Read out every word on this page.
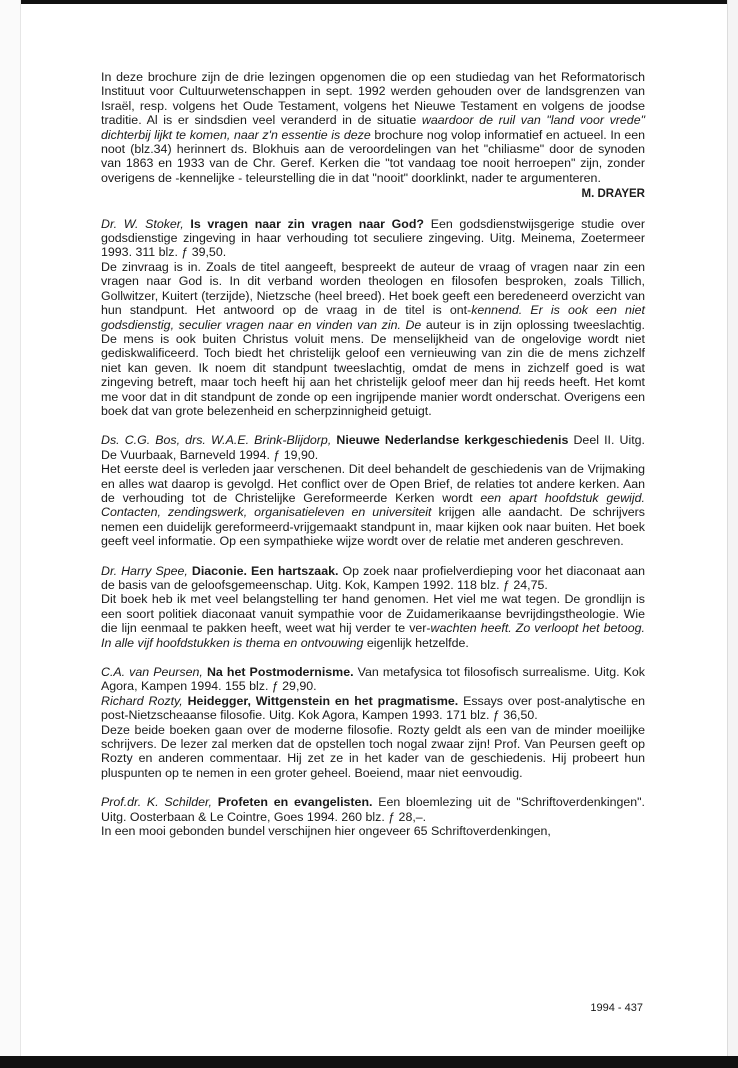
In deze brochure zijn de drie lezingen opgenomen die op een studiedag van het Reformatorisch Instituut voor Cultuurwetenschappen in sept. 1992 werden gehouden over de landsgrenzen van Israël, resp. volgens het Oude Testament, volgens het Nieuwe Testament en volgens de joodse traditie. Al is er sindsdien veel veranderd in de situatie waardoor de ruil van "land voor vrede" dichterbij lijkt te komen, naar z'n essentie is deze brochure nog volop informatief en actueel. In een noot (blz.34) herinnert ds. Blokhuis aan de veroordelingen van het "chiliasme" door de synoden van 1863 en 1933 van de Chr. Geref. Kerken die "tot vandaag toe nooit herroepen" zijn, zonder overigens de -kennelijke - teleurstelling die in dat "nooit" doorklinkt, nader te argumenteren.

M. DRAYER

Dr. W. Stoker, Is vragen naar zin vragen naar God? Een godsdienstwijsgerige studie over godsdienstige zingeving in haar verhouding tot seculiere zingeving. Uitg. Meinema, Zoetermeer 1993. 311 blz. ƒ 39,50.

De zinvraag is in. Zoals de titel aangeeft, bespreekt de auteur de vraag of vragen naar zin een vragen naar God is. In dit verband worden theologen en filosofen besproken, zoals Tillich, Gollwitzer, Kuitert (terzijde), Nietzsche (heel breed). Het boek geeft een beredeneerd overzicht van hun standpunt. Het antwoord op de vraag in de titel is ont-kennend. Er is ook een niet godsdienstig, seculier vragen naar en vinden van zin. De auteur is in zijn oplossing tweeslachtig. De mens is ook buiten Christus voluit mens. De menselijkheid van de ongelovige wordt niet gediskwalificeerd. Toch biedt het christelijk geloof een vernieuwing van zin die de mens zichzelf niet kan geven. Ik noem dit standpunt tweeslachtig, omdat de mens in zichzelf goed is wat zingeving betreft, maar toch heeft hij aan het christelijk geloof meer dan hij reeds heeft. Het komt me voor dat in dit standpunt de zonde op een ingrijpende manier wordt onderschat. Overigens een boek dat van grote belezenheid en scherpzinnigheid getuigt.

Ds. C.G. Bos, drs. W.A.E. Brink-Blijdorp, Nieuwe Nederlandse kerkgeschiedenis Deel II. Uitg. De Vuurbaak, Barneveld 1994. ƒ 19,90.

Het eerste deel is verleden jaar verschenen. Dit deel behandelt de geschiedenis van de Vrijmaking en alles wat daarop is gevolgd. Het conflict over de Open Brief, de relaties tot andere kerken. Aan de verhouding tot de Christelijke Gereformeerde Kerken wordt een apart hoofdstuk gewijd. Contacten, zendingswerk, organisatieleven en universiteit krijgen alle aandacht. De schrijvers nemen een duidelijk gereformeerd-vrijgemaakt standpunt in, maar kijken ook naar buiten. Het boek geeft veel informatie. Op een sympathieke wijze wordt over de relatie met anderen geschreven.

Dr. Harry Spee, Diaconie. Een hartszaak. Op zoek naar profielverdieping voor het diaconaat aan de basis van de geloofsgemeenschap. Uitg. Kok, Kampen 1992. 118 blz. ƒ 24,75.

Dit boek heb ik met veel belangstelling ter hand genomen. Het viel me wat tegen. De grondlijn is een soort politiek diaconaat vanuit sympathie voor de Zuidamerikaanse bevrijdingstheologie. Wie die lijn eenmaal te pakken heeft, weet wat hij verder te ver-wachten heeft. Zo verloopt het betoog. In alle vijf hoofdstukken is thema en ontvouwing eigenlijk hetzelfde.

C.A. van Peursen, Na het Postmodernisme. Van metafysica tot filosofisch surrealisme. Uitg. Kok Agora, Kampen 1994. 155 blz. ƒ 29,90.

Richard Rozty, Heidegger, Wittgenstein en het pragmatisme. Essays over post-analytische en post-Nietzscheaanse filosofie. Uitg. Kok Agora, Kampen 1993. 171 blz. ƒ 36,50.

Deze beide boeken gaan over de moderne filosofie. Rozty geldt als een van de minder moeilijke schrijvers. De lezer zal merken dat de opstellen toch nogal zwaar zijn! Prof. Van Peursen geeft op Rozty en anderen commentaar. Hij zet ze in het kader van de geschiedenis. Hij probeert hun pluspunten op te nemen in een groter geheel. Boeiend, maar niet eenvoudig.

Prof.dr. K. Schilder, Profeten en evangelisten. Een bloemlezing uit de "Schriftoverdenkingen". Uitg. Oosterbaan & Le Cointre, Goes 1994. 260 blz. ƒ 28,–.

In een mooi gebonden bundel verschijnen hier ongeveer 65 Schriftoverdenkingen,

1994 - 437
